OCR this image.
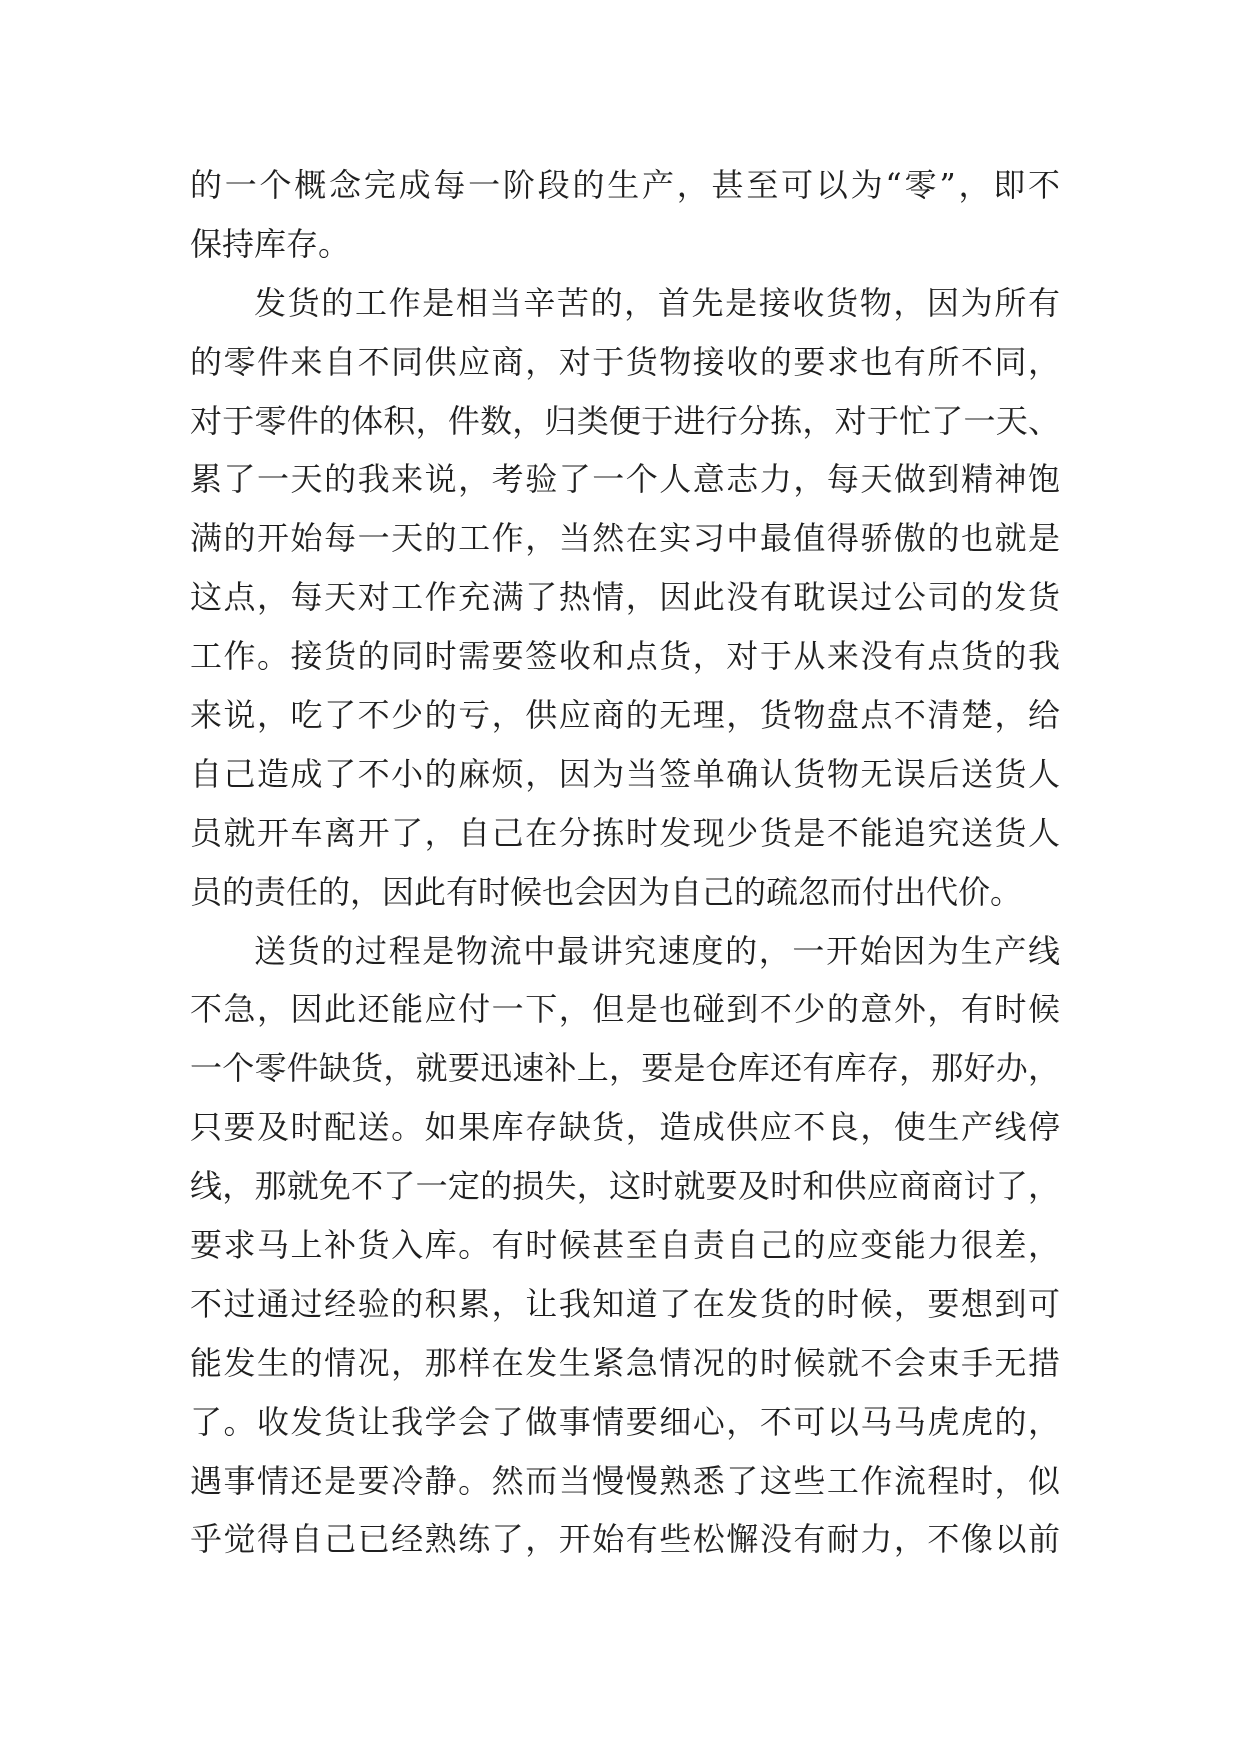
的一个概念完成每一阶段的生产，甚至可以为“零”，即不
保持库存。
发货的工作是相当辛苦的，首先是接收货物，因为所有
的零件来自不同供应商，对于货物接收的要求也有所不同，
对于零件的体积，件数，归类便于进行分拣，对于忙了一天、
累了一天的我来说，考验了一个人意志力，每天做到精神饱
满的开始每一天的工作，当然在实习中最值得骄傲的也就是
这点，每天对工作充满了热情，因此没有耽误过公司的发货
工作。接货的同时需要签收和点货，对于从来没有点货的我
来说，吃了不少的亏，供应商的无理，货物盘点不清楚，给
自己造成了不小的麻烦，因为当签单确认货物无误后送货人
员就开车离开了，自己在分拣时发现少货是不能追究送货人
员的责任的，因此有时候也会因为自己的疏忽而付出代价。
送货的过程是物流中最讲究速度的，一开始因为生产线
不急，因此还能应付一下，但是也碰到不少的意外，有时候
一个零件缺货，就要迅速补上，要是仓库还有库存，那好办，
只要及时配送。如果库存缺货，造成供应不良，使生产线停
线，那就免不了一定的损失，这时就要及时和供应商商讨了，
要求马上补货入库。有时候甚至自责自己的应变能力很差，
不过通过经验的积累，让我知道了在发货的时候，要想到可
能发生的情况，那样在发生紧急情况的时候就不会束手无措
了。收发货让我学会了做事情要细心，不可以马马虎虎的，
遇事情还是要冷静。然而当慢慢熟悉了这些工作流程时，似
乎觉得自己已经熟练了，开始有些松懈没有耐力，不像以前
